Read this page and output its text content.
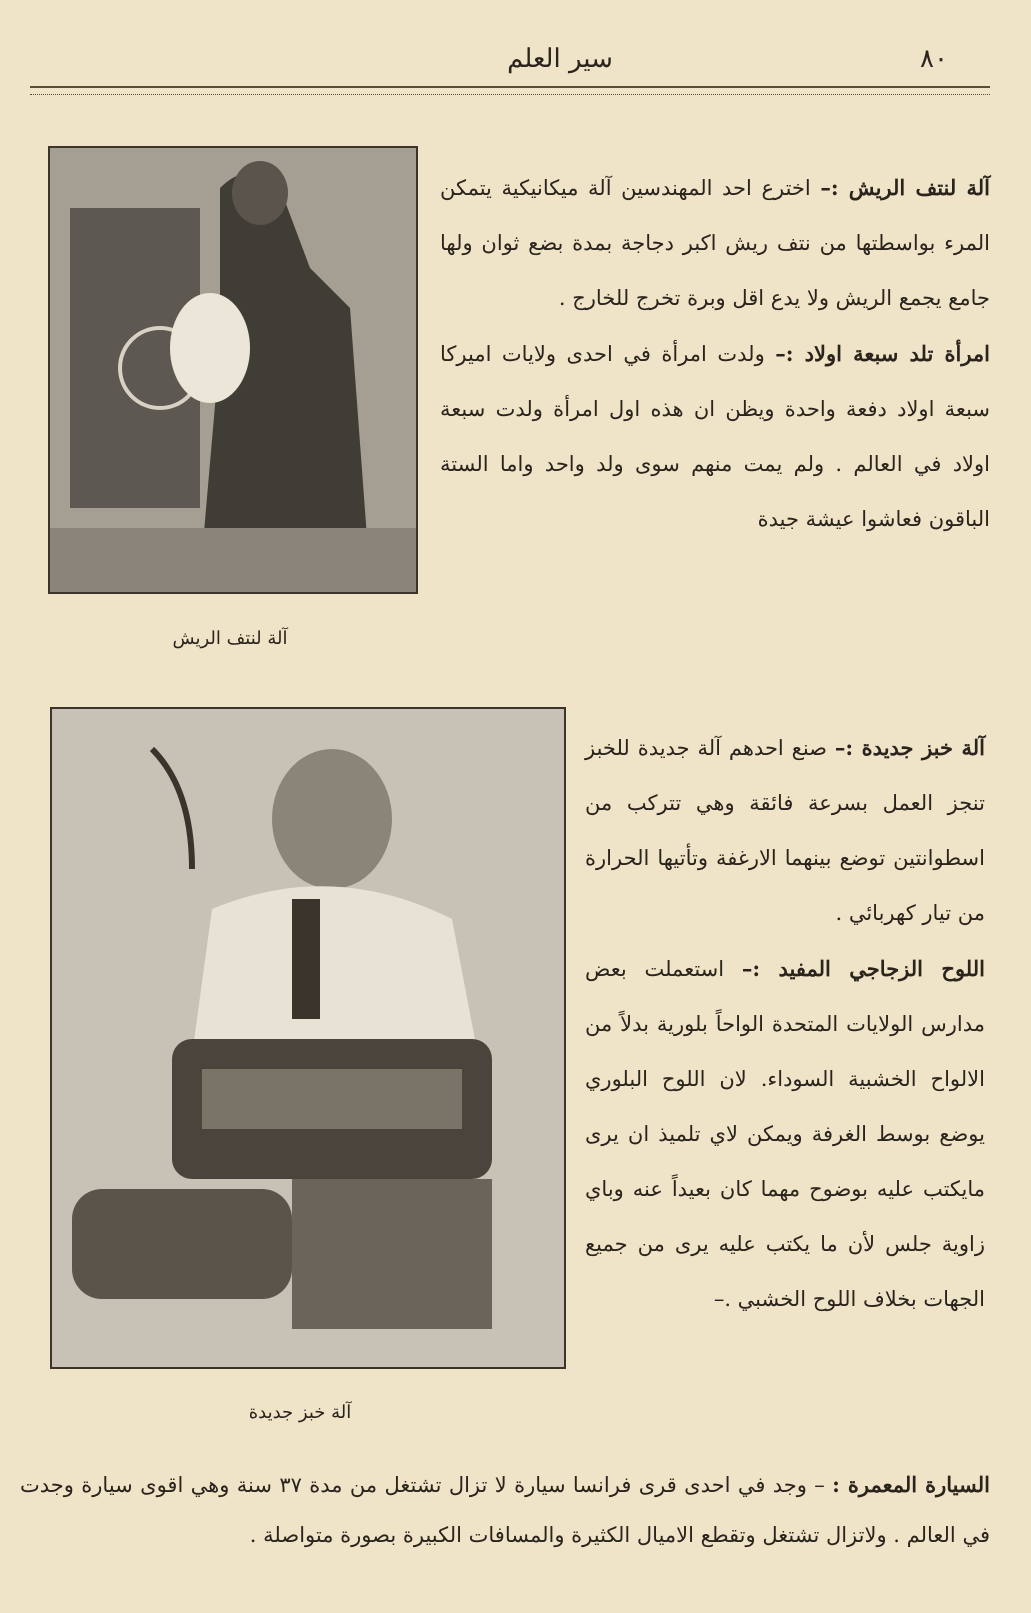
٨٠
سير العلم
آلة لنتف الريش

آلة لنتف الريش :– اخترع احد المهندسين آلة ميكانيكية يتمكن المرء بواسطتها من نتف ريش اكبر دجاجة بمدة بضع ثوان ولها جامع يجمع الريش ولا يدع اقل وبرة تخرج للخارج .

امرأة تلد سبعة اولاد :– ولدت امرأة في احدى ولايات اميركا سبعة اولاد دفعة واحدة ويظن ان هذه اول امرأة ولدت سبعة اولاد في العالم . ولم يمت منهم سوى ولد واحد واما الستة الباقون فعاشوا عيشة جيدة

آلة خبز جديدة

آلة خبز جديدة :– صنع احدهم آلة جديدة للخبز تنجز العمل بسرعة فائقة وهي تتركب من اسطوانتين توضع بينهما الارغفة وتأتيها الحرارة من تيار كهربائي .

اللوح الزجاجي المفيد :– استعملت بعض مدارس الولايات المتحدة الواحاً بلورية بدلاً من الالواح الخشبية السوداء. لان اللوح البلوري يوضع بوسط الغرفة ويمكن لاي تلميذ ان يرى مايكتب عليه بوضوح مهما كان بعيداً عنه وباي زاوية جلس لأن ما يكتب عليه يرى من جميع الجهات بخلاف اللوح الخشبي .–

السيارة المعمرة : – وجد في احدى قرى فرانسا سيارة لا تزال تشتغل من مدة ٣٧ سنة وهي اقوى سيارة وجدت في العالم . ولاتزال تشتغل وتقطع الاميال الكثيرة والمسافات الكبيرة بصورة متواصلة .
